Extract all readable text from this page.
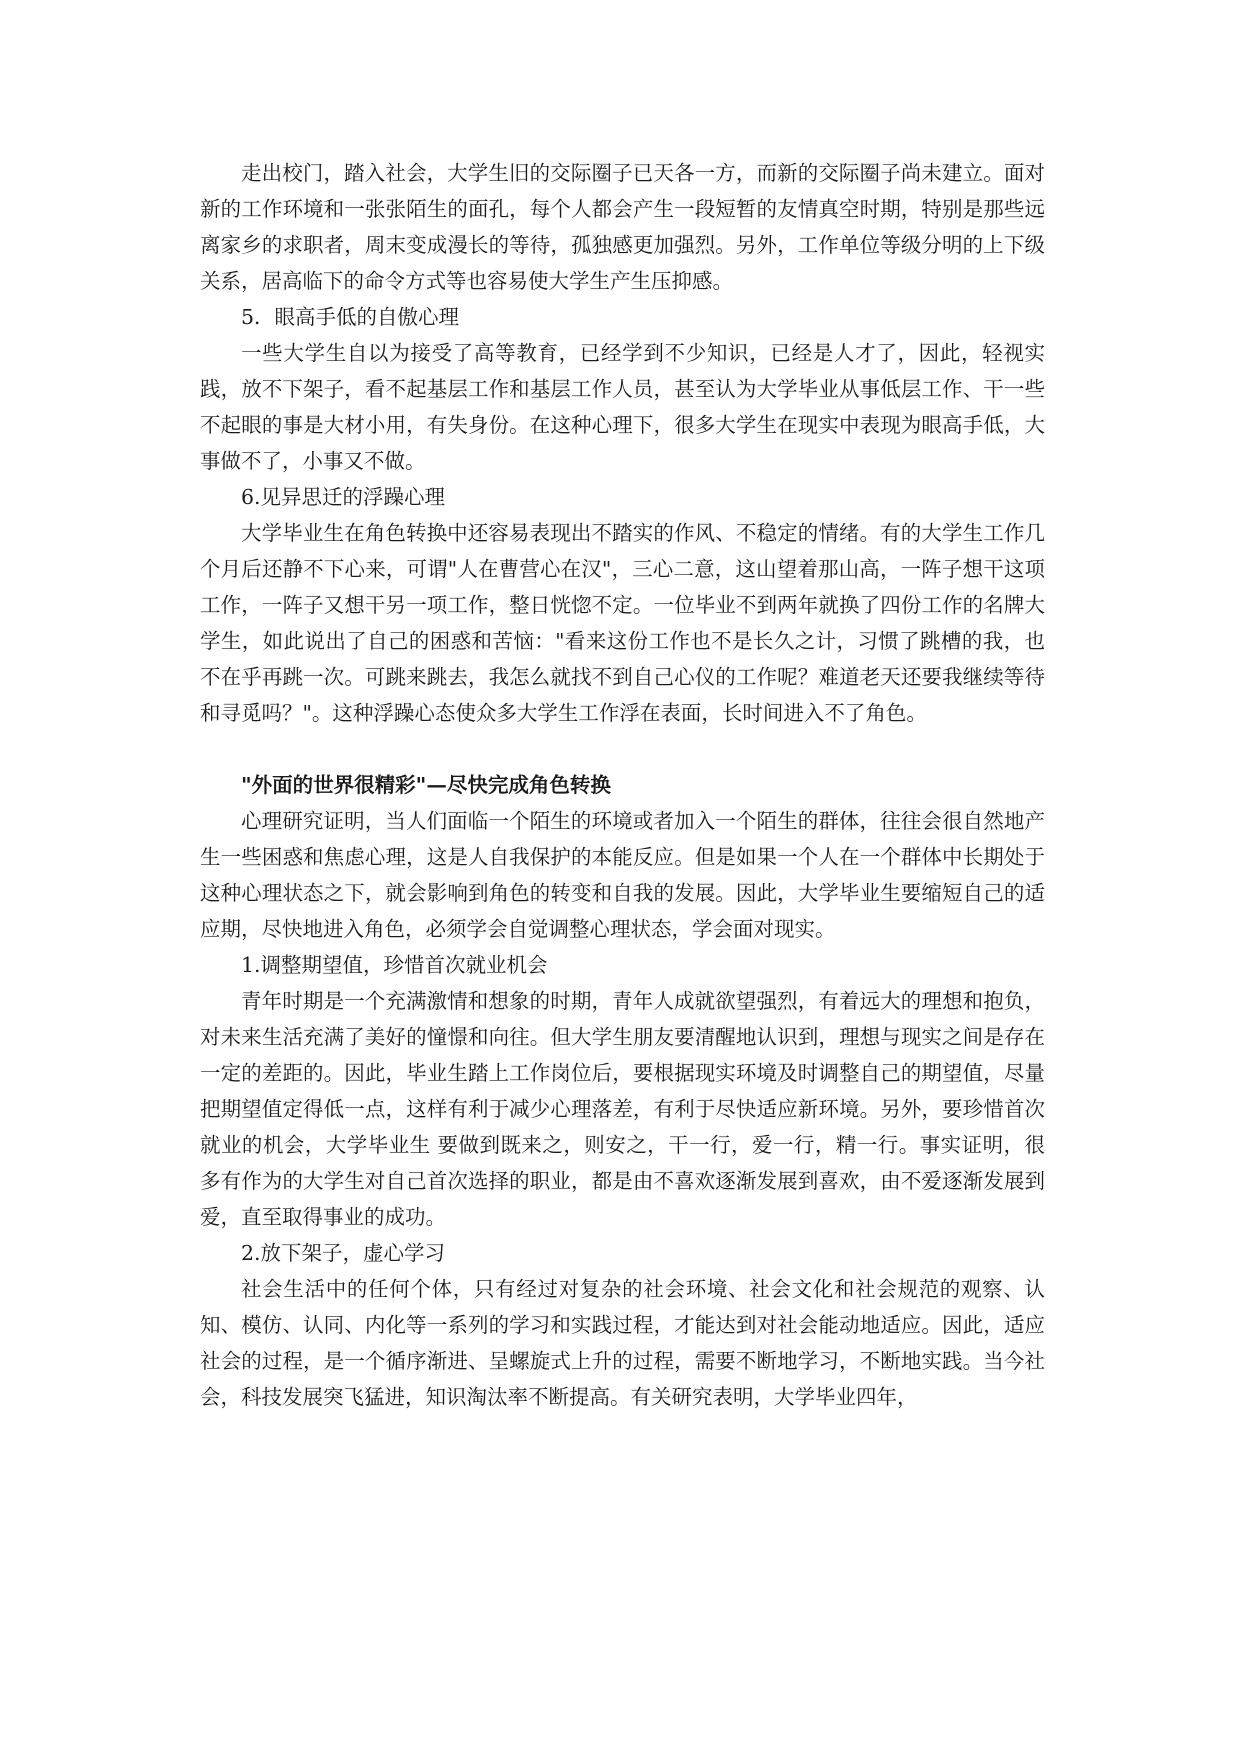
走出校门，踏入社会，大学生旧的交际圈子已天各一方，而新的交际圈子尚未建立。面对新的工作环境和一张张陌生的面孔，每个人都会产生一段短暂的友情真空时期，特别是那些远离家乡的求职者，周末变成漫长的等待，孤独感更加强烈。另外，工作单位等级分明的上下级关系，居高临下的命令方式等也容易使大学生产生压抑感。

5．眼高手低的自傲心理

一些大学生自以为接受了高等教育，已经学到不少知识，已经是人才了，因此，轻视实践，放不下架子，看不起基层工作和基层工作人员，甚至认为大学毕业从事低层工作、干一些不起眼的事是大材小用，有失身份。在这种心理下，很多大学生在现实中表现为眼高手低，大事做不了，小事又不做。

6.见异思迁的浮躁心理

大学毕业生在角色转换中还容易表现出不踏实的作风、不稳定的情绪。有的大学生工作几个月后还静不下心来，可谓"人在曹营心在汉"，三心二意，这山望着那山高，一阵子想干这项工作，一阵子又想干另一项工作，整日恍惚不定。一位毕业不到两年就换了四份工作的名牌大学生，如此说出了自己的困惑和苦恼："看来这份工作也不是长久之计，习惯了跳槽的我，也不在乎再跳一次。可跳来跳去，我怎么就找不到自己心仪的工作呢？难道老天还要我继续等待和寻觅吗？"。这种浮躁心态使众多大学生工作浮在表面，长时间进入不了角色。

"外面的世界很精彩"—尽快完成角色转换

心理研究证明，当人们面临一个陌生的环境或者加入一个陌生的群体，往往会很自然地产生一些困惑和焦虑心理，这是人自我保护的本能反应。但是如果一个人在一个群体中长期处于这种心理状态之下，就会影响到角色的转变和自我的发展。因此，大学毕业生要缩短自己的适应期，尽快地进入角色，必须学会自觉调整心理状态，学会面对现实。

1.调整期望值，珍惜首次就业机会

青年时期是一个充满激情和想象的时期，青年人成就欲望强烈，有着远大的理想和抱负，对未来生活充满了美好的憧憬和向往。但大学生朋友要清醒地认识到，理想与现实之间是存在一定的差距的。因此，毕业生踏上工作岗位后，要根据现实环境及时调整自己的期望值，尽量把期望值定得低一点，这样有利于减少心理落差，有利于尽快适应新环境。另外，要珍惜首次就业的机会，大学毕业生 要做到既来之，则安之，干一行，爱一行，精一行。事实证明，很多有作为的大学生对自己首次选择的职业，都是由不喜欢逐渐发展到喜欢，由不爱逐渐发展到爱，直至取得事业的成功。

2.放下架子，虚心学习

社会生活中的任何个体，只有经过对复杂的社会环境、社会文化和社会规范的观察、认知、模仿、认同、内化等一系列的学习和实践过程，才能达到对社会能动地适应。因此，适应社会的过程，是一个循序渐进、呈螺旋式上升的过程，需要不断地学习，不断地实践。当今社会，科技发展突飞猛进，知识淘汰率不断提高。有关研究表明，大学毕业四年，
